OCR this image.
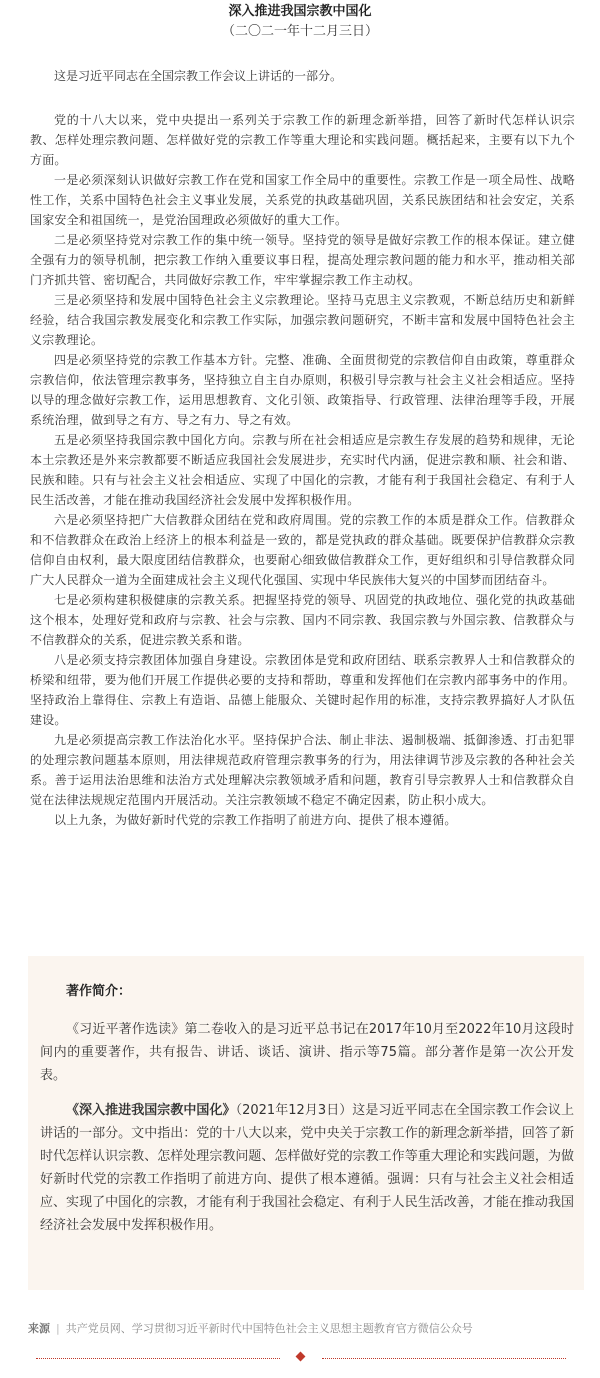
深入推进我国宗教中国化
（二〇二一年十二月三日）
这是习近平同志在全国宗教工作会议上讲话的一部分。

党的十八大以来，党中央提出一系列关于宗教工作的新理念新举措，回答了新时代怎样认识宗教、怎样处理宗教问题、怎样做好党的宗教工作等重大理论和实践问题。概括起来，主要有以下九个方面。

一是必须深刻认识做好宗教工作在党和国家工作全局中的重要性。宗教工作是一项全局性、战略性工作，关系中国特色社会主义事业发展，关系党的执政基础巩固，关系民族团结和社会安定，关系国家安全和祖国统一，是党治国理政必须做好的重大工作。

二是必须坚持党对宗教工作的集中统一领导。坚持党的领导是做好宗教工作的根本保证。建立健全强有力的领导机制，把宗教工作纳入重要议事日程，提高处理宗教问题的能力和水平，推动相关部门齐抓共管、密切配合，共同做好宗教工作，牢牢掌握宗教工作主动权。

三是必须坚持和发展中国特色社会主义宗教理论。坚持马克思主义宗教观，不断总结历史和新鲜经验，结合我国宗教发展变化和宗教工作实际，加强宗教问题研究，不断丰富和发展中国特色社会主义宗教理论。

四是必须坚持党的宗教工作基本方针。完整、准确、全面贯彻党的宗教信仰自由政策，尊重群众宗教信仰，依法管理宗教事务，坚持独立自主自办原则，积极引导宗教与社会主义社会相适应。坚持以导的理念做好宗教工作，运用思想教育、文化引领、政策指导、行政管理、法律治理等手段，开展系统治理，做到导之有方、导之有力、导之有效。

五是必须坚持我国宗教中国化方向。宗教与所在社会相适应是宗教生存发展的趋势和规律，无论本土宗教还是外来宗教都要不断适应我国社会发展进步，充实时代内涵，促进宗教和顺、社会和谐、民族和睦。只有与社会主义社会相适应、实现了中国化的宗教，才能有利于我国社会稳定、有利于人民生活改善，才能在推动我国经济社会发展中发挥积极作用。

六是必须坚持把广大信教群众团结在党和政府周围。党的宗教工作的本质是群众工作。信教群众和不信教群众在政治上经济上的根本利益是一致的，都是党执政的群众基础。既要保护信教群众宗教信仰自由权利，最大限度团结信教群众，也要耐心细致做信教群众工作，更好组织和引导信教群众同广大人民群众一道为全面建成社会主义现代化强国、实现中华民族伟大复兴的中国梦而团结奋斗。

七是必须构建积极健康的宗教关系。把握坚持党的领导、巩固党的执政地位、强化党的执政基础这个根本，处理好党和政府与宗教、社会与宗教、国内不同宗教、我国宗教与外国宗教、信教群众与不信教群众的关系，促进宗教关系和谐。

八是必须支持宗教团体加强自身建设。宗教团体是党和政府团结、联系宗教界人士和信教群众的桥梁和纽带，要为他们开展工作提供必要的支持和帮助，尊重和发挥他们在宗教内部事务中的作用。坚持政治上靠得住、宗教上有造诣、品德上能服众、关键时起作用的标准，支持宗教界搞好人才队伍建设。

九是必须提高宗教工作法治化水平。坚持保护合法、制止非法、遏制极端、抵御渗透、打击犯罪的处理宗教问题基本原则，用法律规范政府管理宗教事务的行为，用法律调节涉及宗教的各种社会关系。善于运用法治思维和法治方式处理解决宗教领域矛盾和问题，教育引导宗教界人士和信教群众自觉在法律法规规定范围内开展活动。关注宗教领域不稳定不确定因素，防止积小成大。

以上九条，为做好新时代党的宗教工作指明了前进方向、提供了根本遵循。

著作简介：

《习近平著作选读》第二卷收入的是习近平总书记在2017年10月至2022年10月这段时间内的重要著作，共有报告、讲话、谈话、演讲、指示等75篇。部分著作是第一次公开发表。

《深入推进我国宗教中国化》（2021年12月3日）这是习近平同志在全国宗教工作会议上讲话的一部分。文中指出：党的十八大以来，党中央关于宗教工作的新理念新举措，回答了新时代怎样认识宗教、怎样处理宗教问题、怎样做好党的宗教工作等重大理论和实践问题，为做好新时代党的宗教工作指明了前进方向、提供了根本遵循。强调：只有与社会主义社会相适应、实现了中国化的宗教，才能有利于我国社会稳定、有利于人民生活改善，才能在推动我国经济社会发展中发挥积极作用。

来源 | 共产党员网、学习贯彻习近平新时代中国特色社会主义思想主题教育官方微信公众号
